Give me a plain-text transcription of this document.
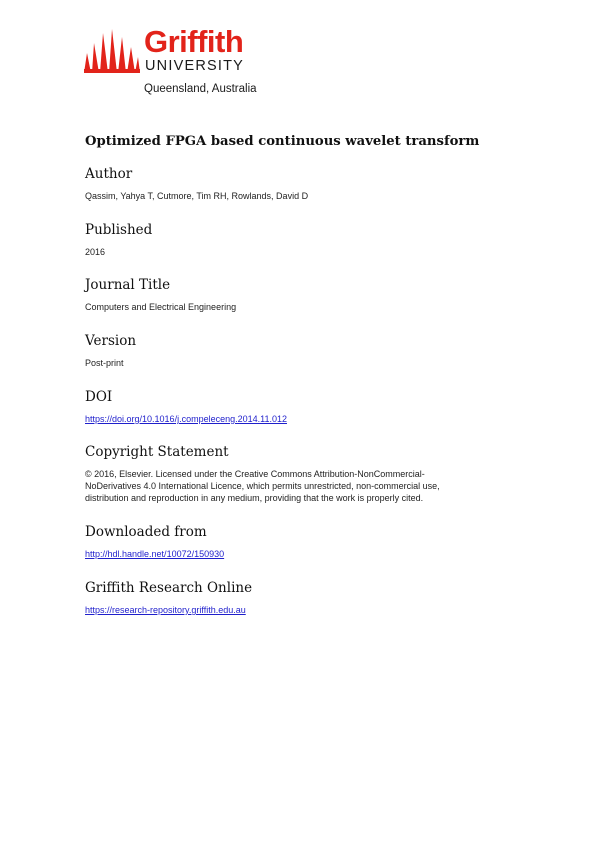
Griffith
UNIVERSITY
Queensland, Australia
Optimized FPGA based continuous wavelet transform
Author
Qassim, Yahya T, Cutmore, Tim RH, Rowlands, David D
Published
2016
Journal Title
Computers and Electrical Engineering
Version
Post-print
DOI
https://doi.org/10.1016/j.compeleceng.2014.11.012
Copyright Statement
© 2016, Elsevier. Licensed under the Creative Commons Attribution-NonCommercial-
NoDerivatives 4.0 International Licence, which permits unrestricted, non-commercial use,
distribution and reproduction in any medium, providing that the work is properly cited.
Downloaded from
http://hdl.handle.net/10072/150930
Griffith Research Online
https://research-repository.griffith.edu.au
